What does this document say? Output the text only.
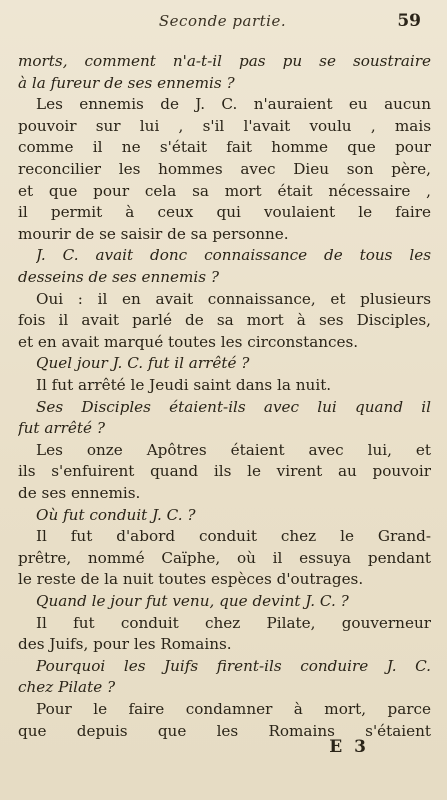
Seconde partie.	59
morts, comment n'a-t-il pas pu se soustraire
à la fureur de ses ennemis ?
Les ennemis de J. C. n'auraient eu aucun
pouvoir sur lui , s'il l'avait voulu , mais
comme il ne s'était fait homme que pour
reconcilier les hommes avec Dieu son père,
et que pour cela sa mort était nécessaire ,
il permit à ceux qui voulaient le faire
mourir de se saisir de sa personne.
J. C. avait donc connaissance de tous les
desseins de ses ennemis ?
Oui : il en avait connaissance, et plusieurs
fois il avait parlé de sa mort à ses Disciples,
et en avait marqué toutes les circonstances.
Quel jour J. C. fut il arrêté ?
Il fut arrêté le Jeudi saint dans la nuit.
Ses Disciples étaient-ils avec lui quand il
fut arrêté ?
Les onze Apôtres étaient avec lui, et
ils s'enfuirent quand ils le virent au pouvoir
de ses ennemis.
Où fut conduit J. C. ?
Il fut d'abord conduit chez le Grand-
prêtre, nommé Caïphe, où il essuya pendant
le reste de la nuit toutes espèces d'outrages.
Quand le jour fut venu, que devint J. C. ?
Il fut conduit chez Pilate, gouverneur
des Juifs, pour les Romains.
Pourquoi les Juifs firent-ils conduire J. C.
chez Pilate ?
Pour le faire condamner à mort, parce
que depuis que les Romains s'étaient
E 3
